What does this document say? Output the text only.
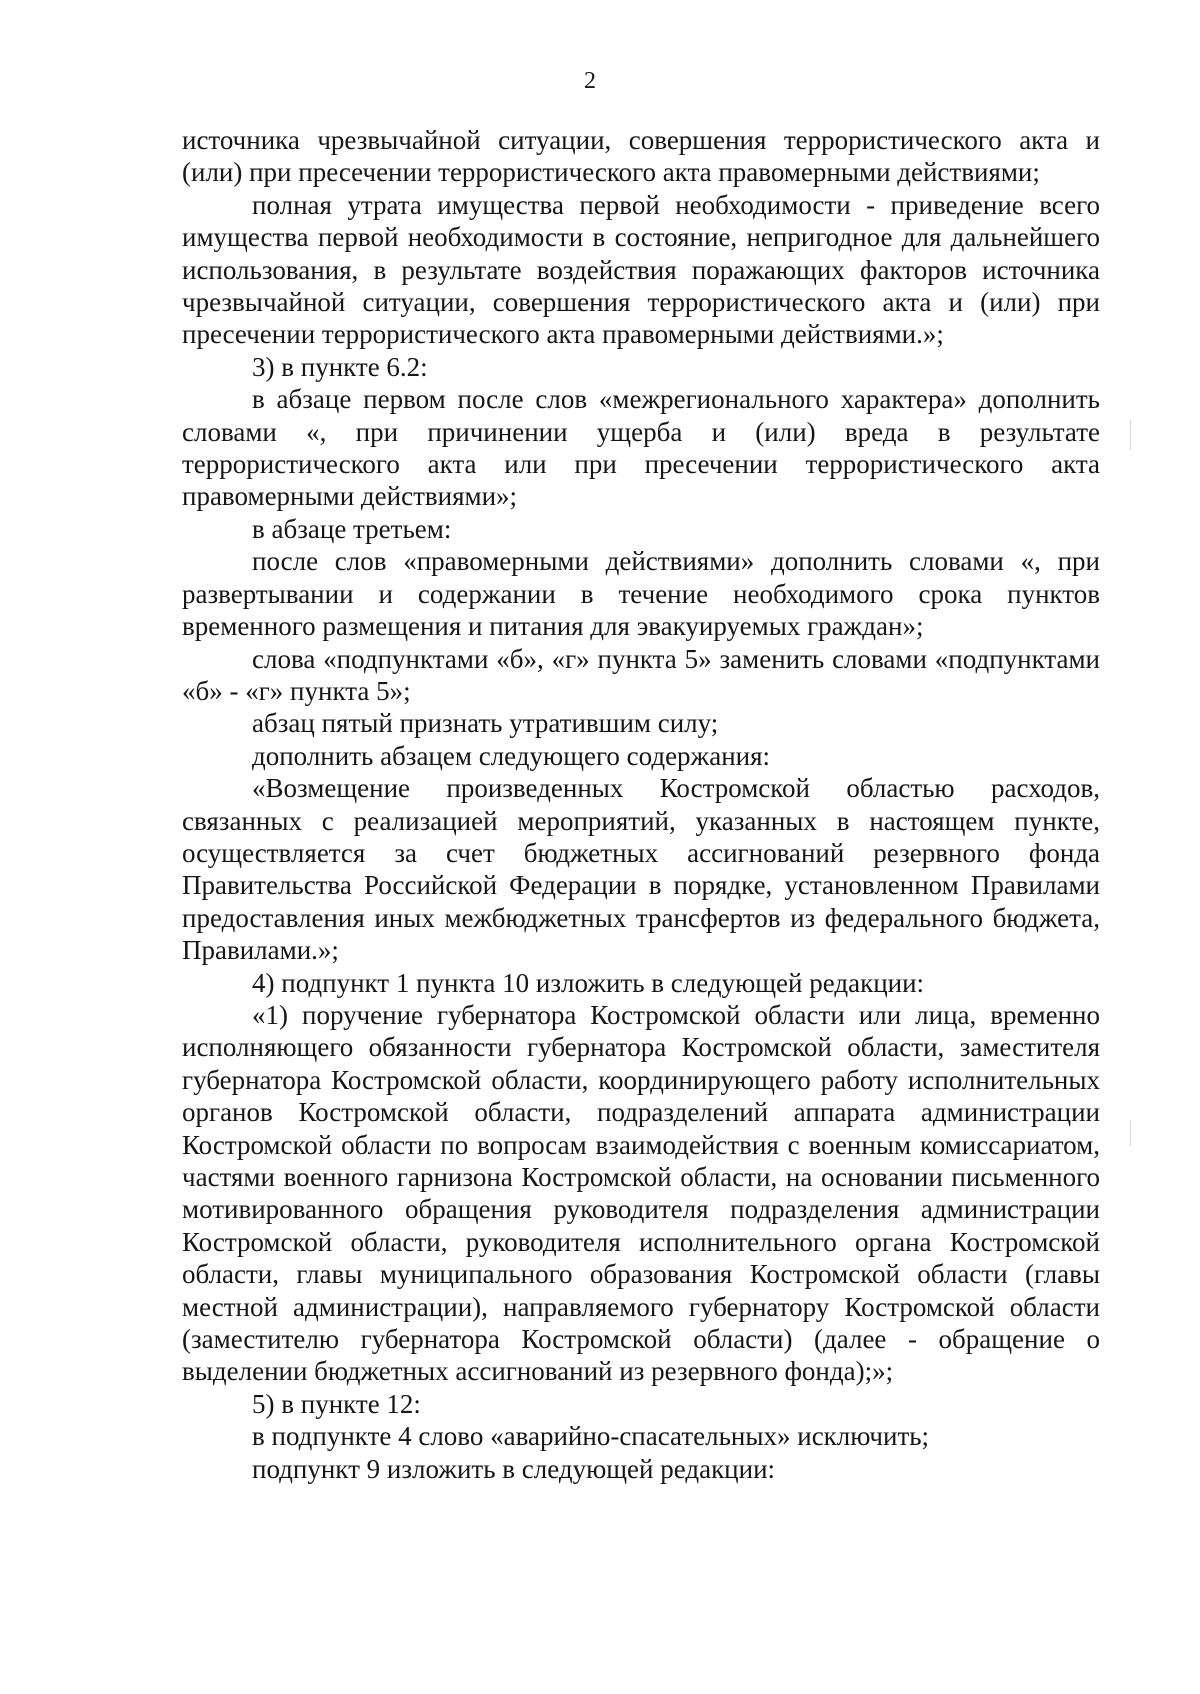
2

источника чрезвычайной ситуации, совершения террористического акта и (или) при пресечении террористического акта правомерными действиями;

полная утрата имущества первой необходимости - приведение всего имущества первой необходимости в состояние, непригодное для дальнейшего использования, в результате воздействия поражающих факторов источника чрезвычайной ситуации, совершения террористического акта и (или) при пресечении террористического акта правомерными действиями.»;

3) в пункте 6.2:

в абзаце первом после слов «межрегионального характера» дополнить словами «, при причинении ущерба и (или) вреда в результате террористического акта или при пресечении террористического акта правомерными действиями»;

в абзаце третьем:

после слов «правомерными действиями» дополнить словами «, при развертывании и содержании в течение необходимого срока пунктов временного размещения и питания для эвакуируемых граждан»;

слова «подпунктами «б», «г» пункта 5» заменить словами «подпунктами «б» - «г» пункта 5»;

абзац пятый признать утратившим силу;

дополнить абзацем следующего содержания:

«Возмещение произведенных Костромской областью расходов, связанных с реализацией мероприятий, указанных в настоящем пункте, осуществляется за счет бюджетных ассигнований резервного фонда Правительства Российской Федерации в порядке, установленном Правилами предоставления иных межбюджетных трансфертов из федерального бюджета, Правилами.»;

4) подпункт 1 пункта 10 изложить в следующей редакции:

«1) поручение губернатора Костромской области или лица, временно исполняющего обязанности губернатора Костромской области, заместителя губернатора Костромской области, координирующего работу исполнительных органов Костромской области, подразделений аппарата администрации Костромской области по вопросам взаимодействия с военным комиссариатом, частями военного гарнизона Костромской области, на основании письменного мотивированного обращения руководителя подразделения администрации Костромской области, руководителя исполнительного органа Костромской области, главы муниципального образования Костромской области (главы местной администрации), направляемого губернатору Костромской области (заместителю губернатора Костромской области) (далее - обращение о выделении бюджетных ассигнований из резервного фонда);»;

5) в пункте 12:

в подпункте 4 слово «аварийно-спасательных» исключить;

подпункт 9 изложить в следующей редакции:
